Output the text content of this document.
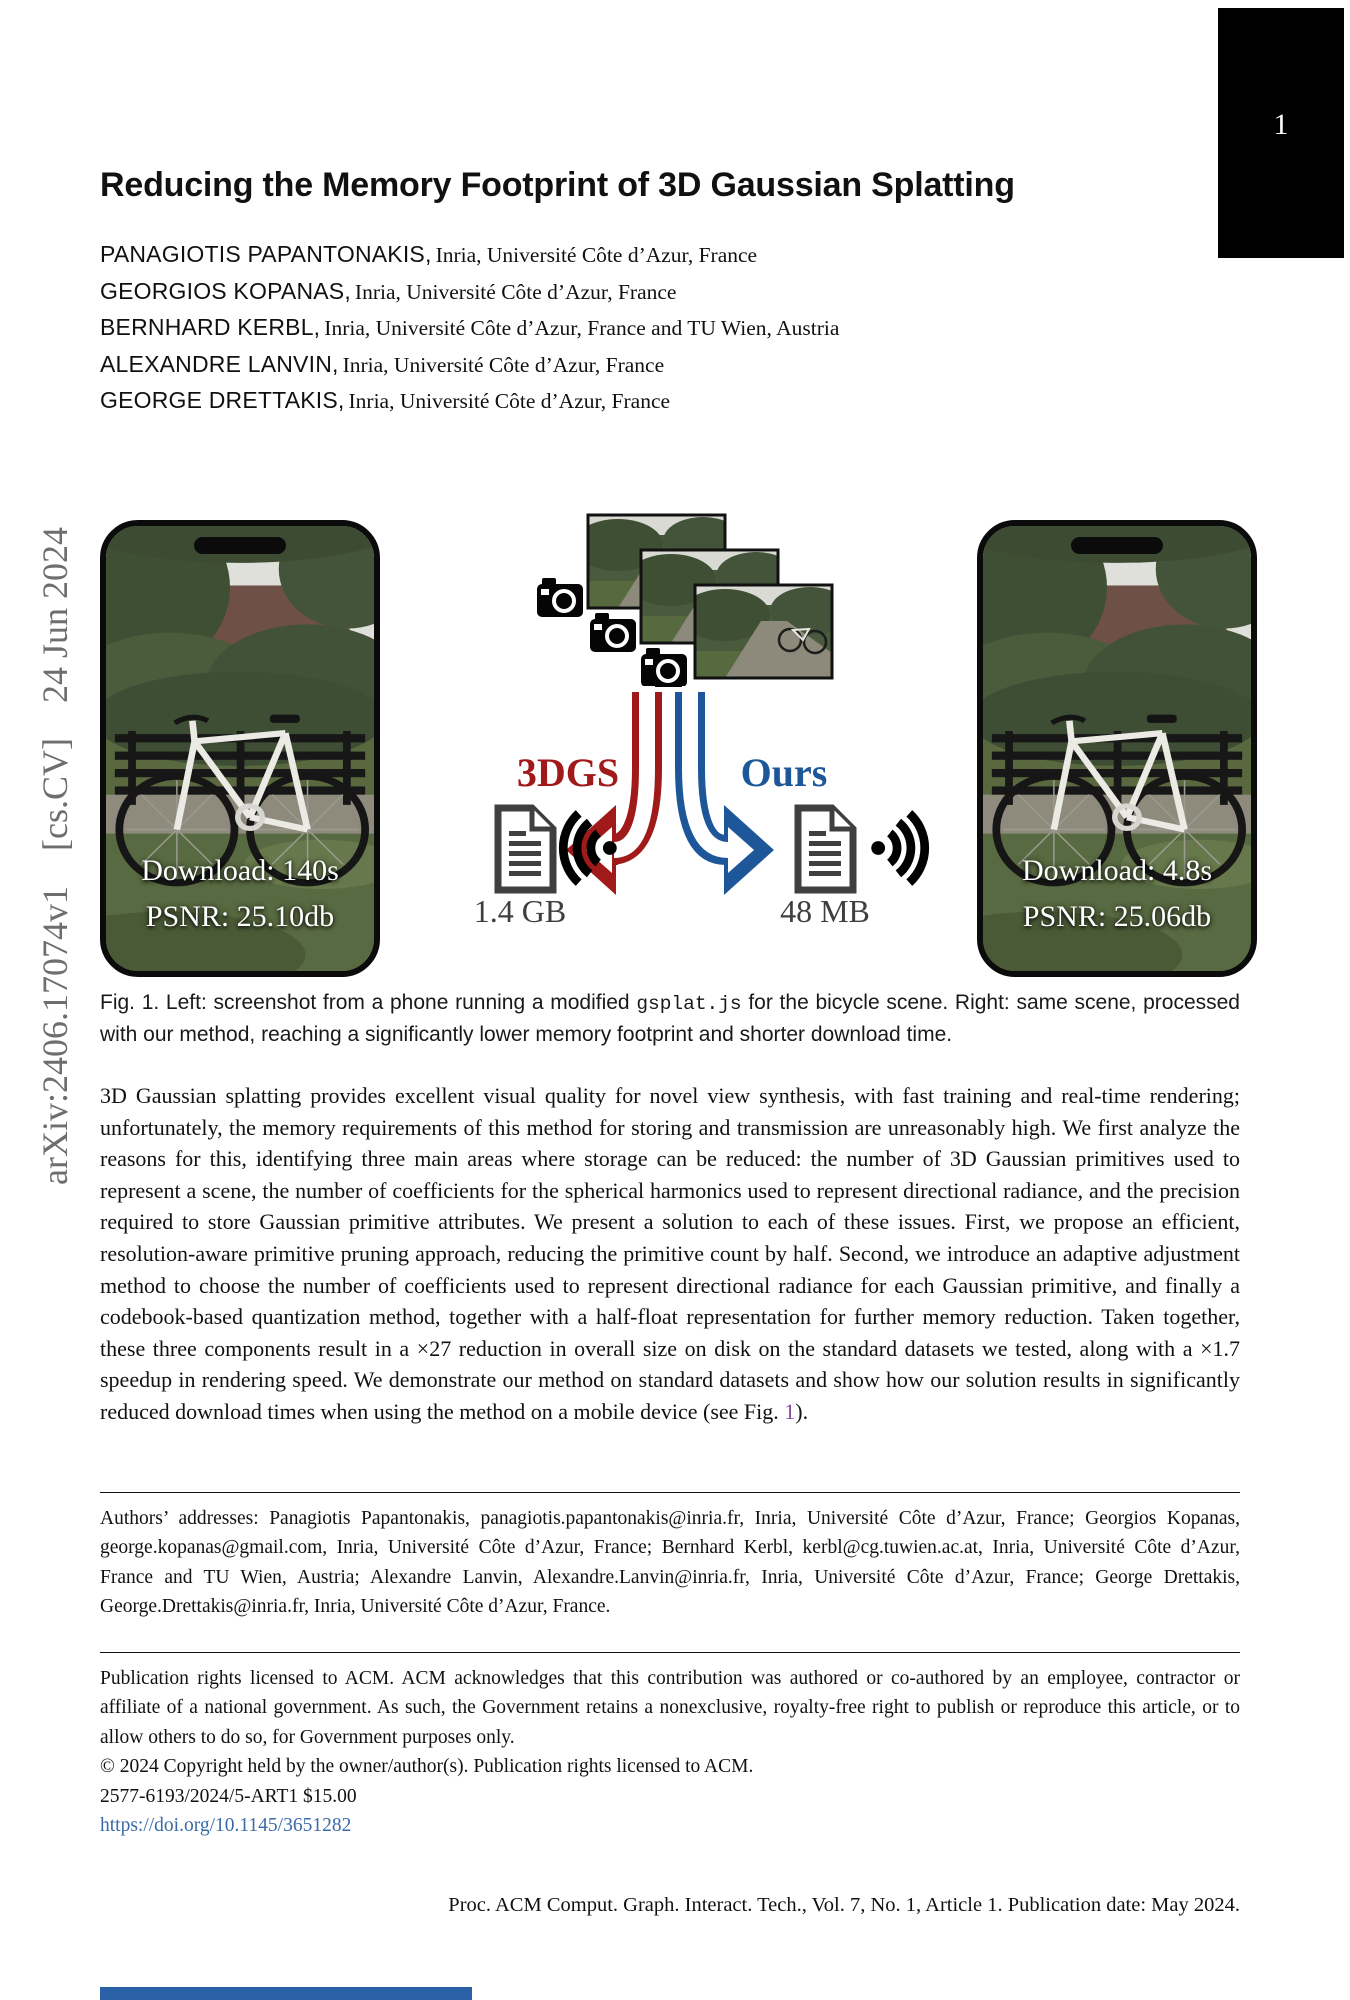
1
arXiv:2406.17074v1 [cs.CV] 24 Jun 2024
Reducing the Memory Footprint of 3D Gaussian Splatting
PANAGIOTIS PAPANTONAKIS, Inria, Université Côte d’Azur, France
GEORGIOS KOPANAS, Inria, Université Côte d’Azur, France
BERNHARD KERBL, Inria, Université Côte d’Azur, France and TU Wien, Austria
ALEXANDRE LANVIN, Inria, Université Côte d’Azur, France
GEORGE DRETTAKIS, Inria, Université Côte d’Azur, France
Download: 140s
PSNR: 25.10db
3DGS	Ours
1.4 GB	48 MB
Download: 4.8s
PSNR: 25.06db
Fig. 1. Left: screenshot from a phone running a modified gsplat.js for the bicycle scene. Right: same scene, processed with our method, reaching a significantly lower memory footprint and shorter download time.
3D Gaussian splatting provides excellent visual quality for novel view synthesis, with fast training and real-time rendering; unfortunately, the memory requirements of this method for storing and transmission are unreasonably high. We first analyze the reasons for this, identifying three main areas where storage can be reduced: the number of 3D Gaussian primitives used to represent a scene, the number of coefficients for the spherical harmonics used to represent directional radiance, and the precision required to store Gaussian primitive attributes. We present a solution to each of these issues. First, we propose an efficient, resolution-aware primitive pruning approach, reducing the primitive count by half. Second, we introduce an adaptive adjustment method to choose the number of coefficients used to represent directional radiance for each Gaussian primitive, and finally a codebook-based quantization method, together with a half-float representation for further memory reduction. Taken together, these three components result in a ×27 reduction in overall size on disk on the standard datasets we tested, along with a ×1.7 speedup in rendering speed. We demonstrate our method on standard datasets and show how our solution results in significantly reduced download times when using the method on a mobile device (see Fig. 1).
Authors’ addresses: Panagiotis Papantonakis, panagiotis.papantonakis@inria.fr, Inria, Université Côte d’Azur, France; Georgios Kopanas, george.kopanas@gmail.com, Inria, Université Côte d’Azur, France; Bernhard Kerbl, kerbl@cg.tuwien.ac.at, Inria, Université Côte d’Azur, France and TU Wien, Austria; Alexandre Lanvin, Alexandre.Lanvin@inria.fr, Inria, Université Côte d’Azur, France; George Drettakis, George.Drettakis@inria.fr, Inria, Université Côte d’Azur, France.
Publication rights licensed to ACM. ACM acknowledges that this contribution was authored or co-authored by an employee, contractor or affiliate of a national government. As such, the Government retains a nonexclusive, royalty-free right to publish or reproduce this article, or to allow others to do so, for Government purposes only.
© 2024 Copyright held by the owner/author(s). Publication rights licensed to ACM.
2577-6193/2024/5-ART1 $15.00
https://doi.org/10.1145/3651282
Proc. ACM Comput. Graph. Interact. Tech., Vol. 7, No. 1, Article 1. Publication date: May 2024.
